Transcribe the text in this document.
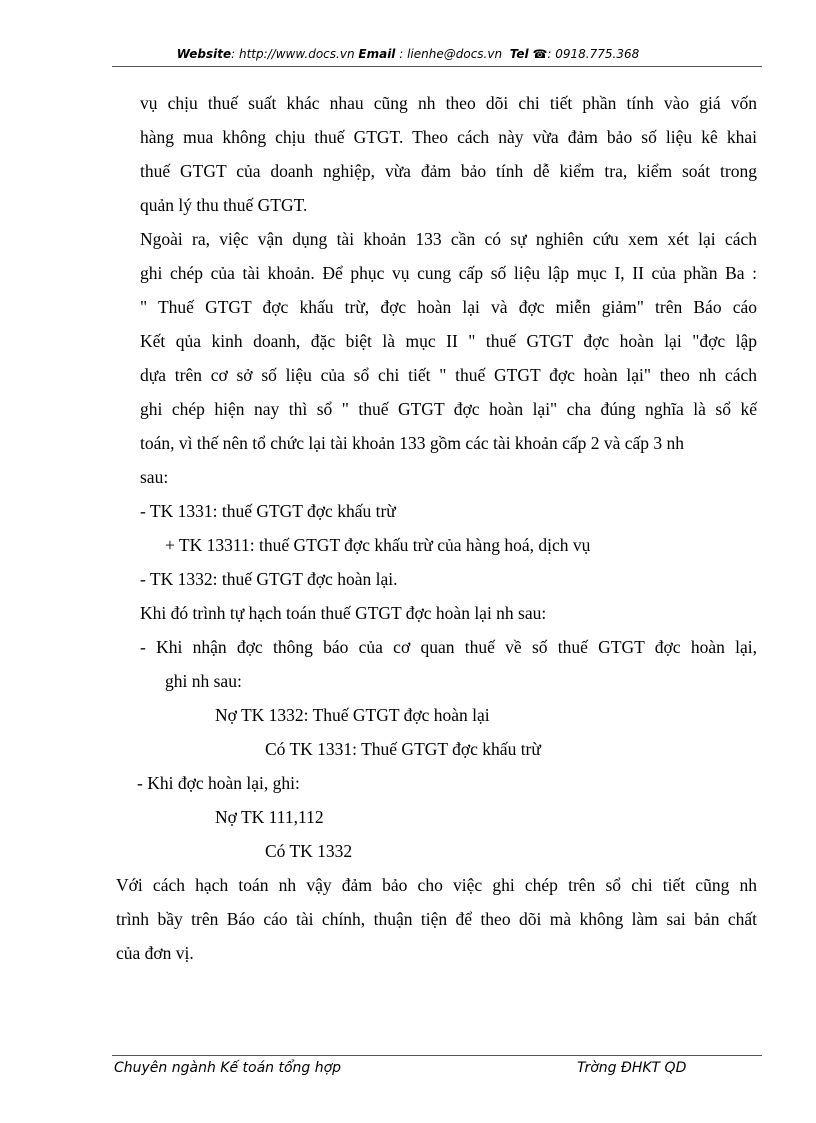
Website: http://www.docs.vn Email : lienhe@docs.vn Tel ☎: 0918.775.368
vụ chịu thuế suất khác nhau cũng nh theo dõi chi tiết phần tính vào giá vốn
hàng mua không chịu thuế GTGT. Theo cách này vừa đảm bảo số liệu kê khai
thuế GTGT của doanh nghiệp, vừa đảm bảo tính dễ kiểm tra, kiểm soát trong
quản lý thu thuế GTGT.
Ngoài ra, việc vận dụng tài khoản 133 cần có sự nghiên cứu xem xét lại cách
ghi chép của tài khoản. Để phục vụ cung cấp số liệu lập mục I, II của phần Ba :
" Thuế GTGT đợc khấu trừ, đợc hoàn lại và đợc miễn giảm" trên Báo cáo
Kết qủa kinh doanh, đặc biệt là mục II " thuế GTGT đợc hoàn lại "đợc lập
dựa trên cơ sở số liệu của sổ chi tiết " thuế GTGT đợc hoàn lại" theo nh cách
ghi chép hiện nay thì sổ " thuế GTGT đợc hoàn lại" cha đúng nghĩa là sổ kế
toán, vì thế nên tổ chức lại tài khoản 133 gồm các tài khoản cấp 2 và cấp 3 nh
sau:
- TK 1331: thuế GTGT đợc khấu trừ
+ TK 13311: thuế GTGT đợc khấu trừ của hàng hoá, dịch vụ
- TK 1332: thuế GTGT đợc hoàn lại.
Khi đó trình tự hạch toán thuế GTGT đợc hoàn lại nh sau:
- Khi nhận đợc thông báo của cơ quan thuế về số thuế GTGT đợc hoàn lại,
ghi nh sau:
Nợ TK 1332: Thuế GTGT đợc hoàn lại
Có TK 1331: Thuế GTGT đợc khấu trừ
- Khi đợc hoàn lại, ghi:
Nợ TK 111,112
Có TK 1332
Với cách hạch toán nh vậy đảm bảo cho việc ghi chép trên sổ chi tiết cũng nh
trình bầy trên Báo cáo tài chính, thuận tiện để theo dõi mà không làm sai bản chất
của đơn vị.
Chuyên ngành Kế toán tổng hợp	Trờng ĐHKT QD
